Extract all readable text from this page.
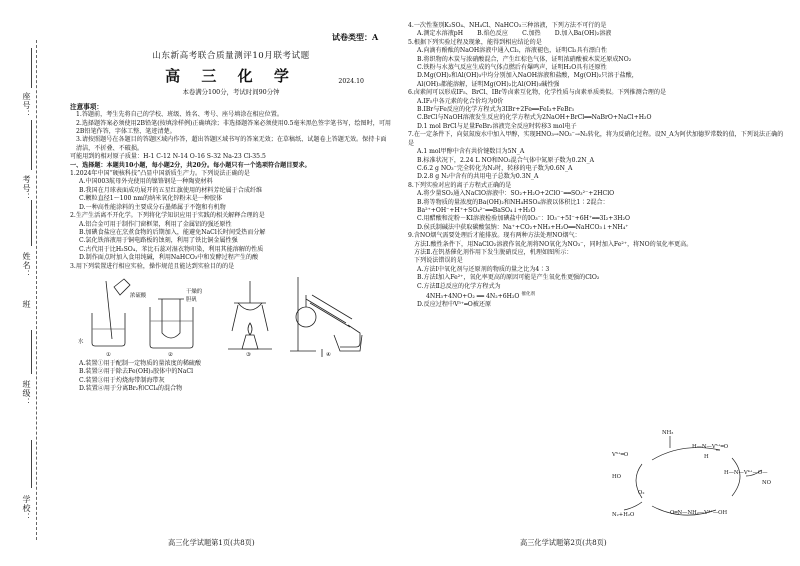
学校：
班级：
班
姓名：
考号：
座号：
山东新高考联合质量测评10月联考试题
高 三 化 学	2024.10
本卷满分100分，考试时间90分钟

注意事项：

1.答题前，考生先将自己的学校、班级、姓名、考号、座号填涂在相应位置。

2.选择题答案必须使用2B铅笔(按填涂样例)正确填涂；非选择题答案必须使用0.5毫米黑色签字笔书写，绘图时，可用2B铅笔作答，字体工整、笔迹清楚。

3.请按照题号在各题目的答题区域内作答，超出答题区域书写的答案无效；在草稿纸、试题卷上答题无效。保持卡面清洁，不折叠、不破损。

可能用到的相对原子质量：H-1 C-12 N-14 O-16 S-32 Na-23 Cl-35.5

一、选择题：本题共10小题，每小题2分，共20分。每小题只有一个选项符合题目要求。

1.2024年中国“硬核科技”凸显中国新质生产力。下列说法正确的是

A.中国003航母外壳使用的镍铬钢是一种陶瓷材料

B.我国在月球表面成功展开的五星红旗使用的材料芳纶属于合成纤维

C.颗粒直径1～100 nm的纳米氧化锌粉末是一种胶体

D.一种高性能涂料的主要成分石墨烯属于不饱和有机物

2.生产生活离不开化学。下列将化学知识应用于实践的相关解释合理的是

A.铝合金可用于制作门窗框架，利用了金属铝的强还原性

B.加碘食盐应在烹煮食物的后期加入，能避免NaCl长时间受热而分解

C.氯化铁溶液用于铜电路板的蚀刻，利用了铁比铜金属性强

C.古代用于比H₂SO₄，苯比石蕊对湿衣物印染，利用其能溶解的性质

D.制作面点时加入食用纯碱，利用NaHCO₃中和发酵过程产生的酸

3.用下列装置进行相应实验，操作规范且能达到实验目的的是

水
浓硫酸
干燥的
胆矾
①	②	③	④

A.装置①用于配制一定物质的量浓度的稀硫酸

B.装置②用于除去Fe(OH)₃胶体中的NaCl

C.装置③用于灼烧海带制海带灰

D.装置④用于分离Br₂和CCl₄的混合物

试卷类型：A

4.一次性鉴别K₂SO₄、NH₄Cl、NaHCO₃三种溶液，下列方法不可行的是

A.测定水溶液pH   B.焰色反应   C.加热   D.加入Ba(OH)₂溶液

5.根据下列实验过程及现象，能得到相应结论的是

A.向滴有酚酞的NaOH溶液中通入Cl₂，溶液褪色，证明Cl₂具有漂白性

B.将织物的木炭与浓硝酸混合，产生红棕色气体，证明浓硝酸被木炭还原成NO₂

C.铁粉与水蒸气反应生成的气体点燃后有爆鸣声，证明H₂O具有还原性

D.Mg(OH)₂和Al(OH)₃中均分别加入NaOH溶液和盐酸，Mg(OH)₂只溶于盐酸，

Al(OH)₃都能溶解，证明Mg(OH)₂比Al(OH)₃碱性强

6.卤素间可以形成IF₅、BrCl、IBr等卤素互化物，化学性质与卤素单质类似。下列推测合理的是

A.IF₅中各元素的化合价均为0价

B.IBr与Fe反应的化学方程式为3IBr+2Fe══FeI₃+FeBr₃

C.BrCl与NaOH溶液发生反应的化学方程式为2NaOH+BrCl══NaBrO+NaCl+H₂O

D.1 mol BrCl与足量FeBr₂溶液完全反应时转移3 mol电子

7.在一定条件下，向氨氮废水中加入甲醇，实现HNO₃→NO₃⁻→N₂转化，将为反硝化过程。设N_A为阿伏加德罗常数的值，下列说法正确的是

A.1 mol甲醇中含有共价键数目为5N_A

B.标准状况下，2.24 L NO和NO₂混合气体中氮原子数为0.2N_A

C.6.2 g NO₃⁻完全转化为N₂时，转移的电子数为0.6N_A

D.2.8 g N₂中含有的共用电子总数为0.3N_A

8.下列实验对应的离子方程式正确的是

A.将少量SO₂通入NaClO溶液中：SO₂+H₂O+2ClO⁻══SO₃²⁻+2HClO

B.将等物质的量浓度的Ba(OH)₂和NH₄HSO₄溶液以体积比1∶2混合：

Ba²⁺+OH⁻+H⁺+SO₄²⁻══BaSO₄↓+H₂O

C.用醋酸和淀粉－KI溶液检验加碘盐中的IO₃⁻：IO₃⁻+5I⁻+6H⁺══3I₂+3H₂O

D.侯氏制碱法中获取碳酸氢钠：Na⁺+CO₂+NH₃+H₂O══NaHCO₃↓+NH₄⁺

9.含NO烟气需要处理后才能排放。现有两种方法处理NO烟气：

方法Ⅰ.酸性条件下，用NaClO₂溶液作氧化剂将NO氧化为NO₃⁻，同时加入Fe²⁺，将NO的氧化率更高。

方法Ⅱ.在钒基催化剂作用下发生脱硝反应，机理如图所示：

下列说法错误的是

A.方法Ⅰ中氧化剂与还原剂的物质的量之比为4∶3

B.方法Ⅰ加入Fe²⁺，氧化率更高的原因可能是产生氧化性更强的ClO₂

C.方法Ⅱ总反应的化学方程式为

4NH₃+4NO+O₂ ══ 4N₂+6H₂O $^{催化剂}$

D.反应过程中V⁵⁺═O被还原

NH₃
H—N—V⁵⁺═O
H
V⁵⁺═O
HO
H—N—V⁴⁺—O—
O═N—NH₂—V⁴⁺—OH
N₂+H₂O
O₂
NO
高三化学试题第1页(共8页)	高三化学试题第2页(共8页)
